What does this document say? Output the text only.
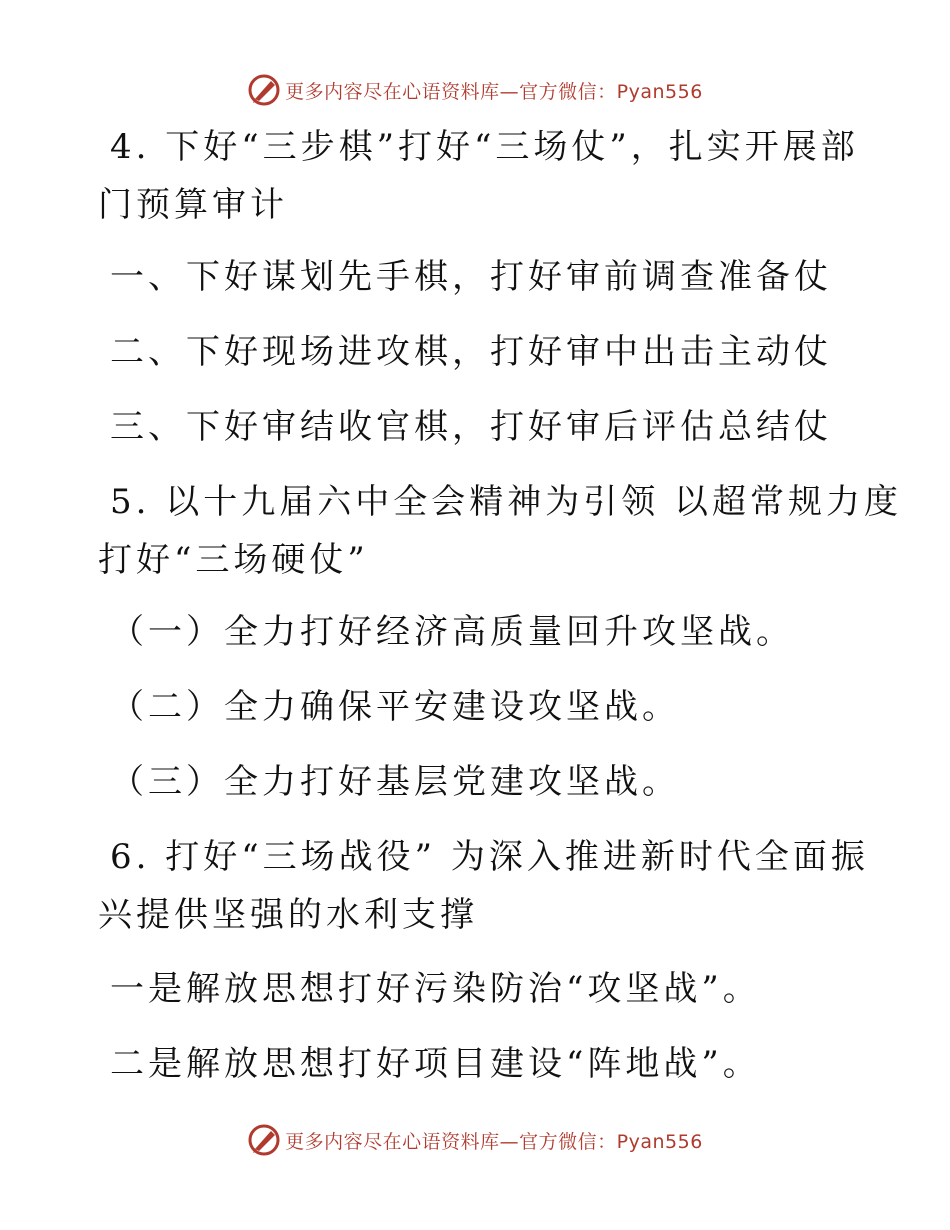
更多内容尽在心语资料库—官方微信：Pyan556
4. 下好“三步棋”打好“三场仗”，扎实开展部
门预算审计
一、下好谋划先手棋，打好审前调查准备仗
二、下好现场进攻棋，打好审中出击主动仗
三、下好审结收官棋，打好审后评估总结仗
5. 以十九届六中全会精神为引领 以超常规力度
打好“三场硬仗”
（一）全力打好经济高质量回升攻坚战。
（二）全力确保平安建设攻坚战。
（三）全力打好基层党建攻坚战。
6. 打好“三场战役” 为深入推进新时代全面振
兴提供坚强的水利支撑
一是解放思想打好污染防治“攻坚战”。
二是解放思想打好项目建设“阵地战”。
更多内容尽在心语资料库—官方微信：Pyan556
